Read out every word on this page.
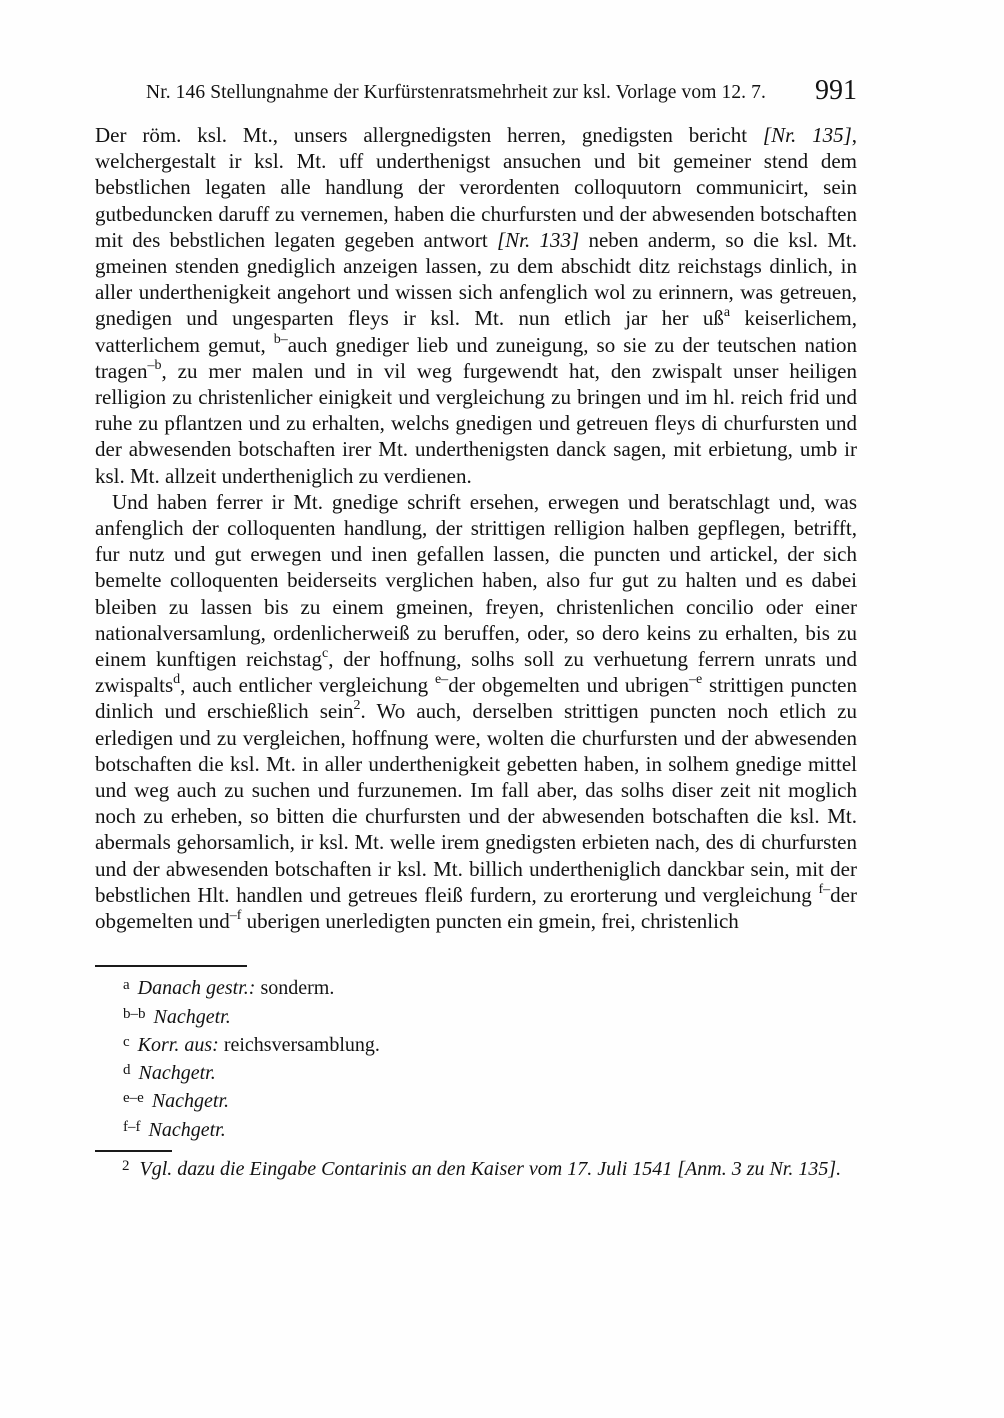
Nr. 146 Stellungnahme der Kurfürstenratsmehrheit zur ksl. Vorlage vom 12. 7.	991

Der röm. ksl. Mt., unsers allergnedigsten herren, gnedigsten bericht [Nr. 135], welchergestalt ir ksl. Mt. uff underthenigst ansuchen und bit gemeiner stend dem bebstlichen legaten alle handlung der verordenten colloquutorn communicirt, sein gutbeduncken daruff zu vernemen, haben die churfursten und der abwesenden botschaften mit des bebstlichen legaten gegeben antwort [Nr. 133] neben anderm, so die ksl. Mt. gmeinen stenden gnediglich anzeigen lassen, zu dem abschidt ditz reichstags dinlich, in aller underthenigkeit angehort und wissen sich anfenglich wol zu erinnern, was getreuen, gnedigen und ungesparten fleys ir ksl. Mt. nun etlich jar her $uß^a$ keiserlichem, vatterlichem gemut, $^{b-}$auch gnediger lieb und zuneigung, so sie zu der teutschen nation tragen$^{-b}$, zu mer malen und in vil weg furgewendt hat, den zwispalt unser heiligen relligion zu christenlicher einigkeit und vergleichung zu bringen und im hl. reich frid und ruhe zu pflantzen und zu erhalten, welchs gnedigen und getreuen fleys di churfursten und der abwesenden botschaften irer Mt. underthenigsten danck sagen, mit erbietung, umb ir ksl. Mt. allzeit undertheniglich zu verdienen.

Und haben ferrer ir Mt. gnedige schrift ersehen, erwegen und beratschlagt und, was anfenglich der colloquenten handlung, der strittigen relligion halben gepflegen, betrifft, fur nutz und gut erwegen und inen gefallen lassen, die puncten und artickel, der sich bemelte colloquenten beiderseits verglichen haben, also fur gut zu halten und es dabei bleiben zu lassen bis zu einem gmeinen, freyen, christenlichen concilio oder einer nationalversamlung, ordenlicherweiß zu beruffen, oder, so dero keins zu erhalten, bis zu einem kunftigen reichstag$^c$, der hoffnung, solhs soll zu verhuetung ferrern unrats und zwispalts$^d$, auch entlicher vergleichung $^{e-}$der obgemelten und ubrigen$^{-e}$ strittigen puncten dinlich und erschießlich sein$^2$. Wo auch, derselben strittigen puncten noch etlich zu erledigen und zu vergleichen, hoffnung were, wolten die churfursten und der abwesenden botschaften die ksl. Mt. in aller underthenigkeit gebetten haben, in solhem gnedige mittel und weg auch zu suchen und furzunemen. Im fall aber, das solhs diser zeit nit moglich noch zu erheben, so bitten die churfursten und der abwesenden botschaften die ksl. Mt. abermals gehorsamlich, ir ksl. Mt. welle irem gnedigsten erbieten nach, des di churfursten und der abwesenden botschaften ir ksl. Mt. billich undertheniglich danckbar sein, mit der bebstlichen Hlt. handlen und getreues fleiß furdern, zu erorterung und vergleichung $^{f-}$der obgemelten und$^{-f}$ uberigen unerledigten puncten ein gmein, frei, christenlich

$^a$ Danach gestr.: sonderm.

$^{b-b}$ Nachgetr.

$^c$ Korr. aus: reichsversamblung.

$^d$ Nachgetr.

$^{e-e}$ Nachgetr.

$^{f-f}$ Nachgetr.

$^2$ Vgl. dazu die Eingabe Contarinis an den Kaiser vom 17. Juli 1541 [Anm. 3 zu Nr. 135].
